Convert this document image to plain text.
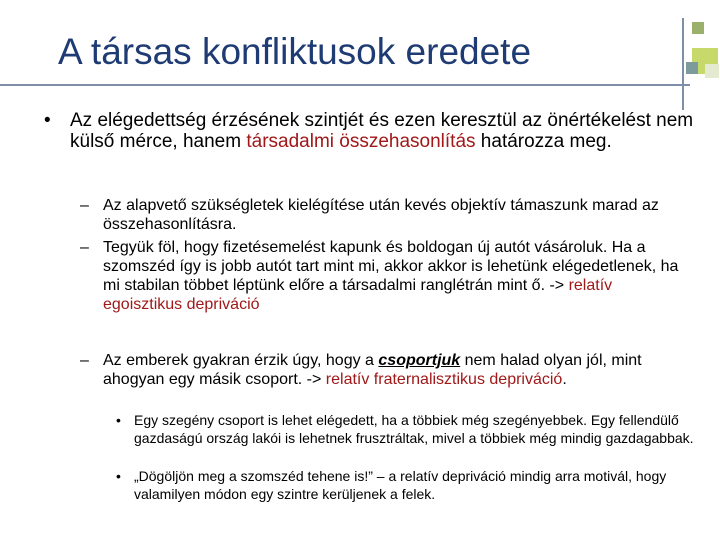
A társas konfliktusok eredete
• Az elégedettség érzésének szintjét és ezen keresztül az önértékelést nem külső mérce, hanem társadalmi összehasonlítás határozza meg.
– Az alapvető szükségletek kielégítése után kevés objektív támaszunk marad az összehasonlításra.
– Tegyük föl, hogy fizetésemelést kapunk és boldogan új autót vásároluk. Ha a szomszéd így is jobb autót tart mint mi, akkor akkor is lehetünk elégedetlenek, ha mi stabilan többet léptünk előre a társadalmi ranglétrán mint ő. -> relatív egoisztikus depriváció
– Az emberek gyakran érzik úgy, hogy a csoportjuk nem halad olyan jól, mint ahogyan egy másik csoport. -> relatív fraternalisztikus depriváció.
• Egy szegény csoport is lehet elégedett, ha a többiek még szegényebbek. Egy fellendülő gazdaságú ország lakói is lehetnek frusztráltak, mivel a többiek még mindig gazdagabbak.
• „Dögöljön meg a szomszéd tehene is!” – a relatív depriváció mindig arra motivál, hogy valamilyen módon egy szintre kerüljenek a felek.
